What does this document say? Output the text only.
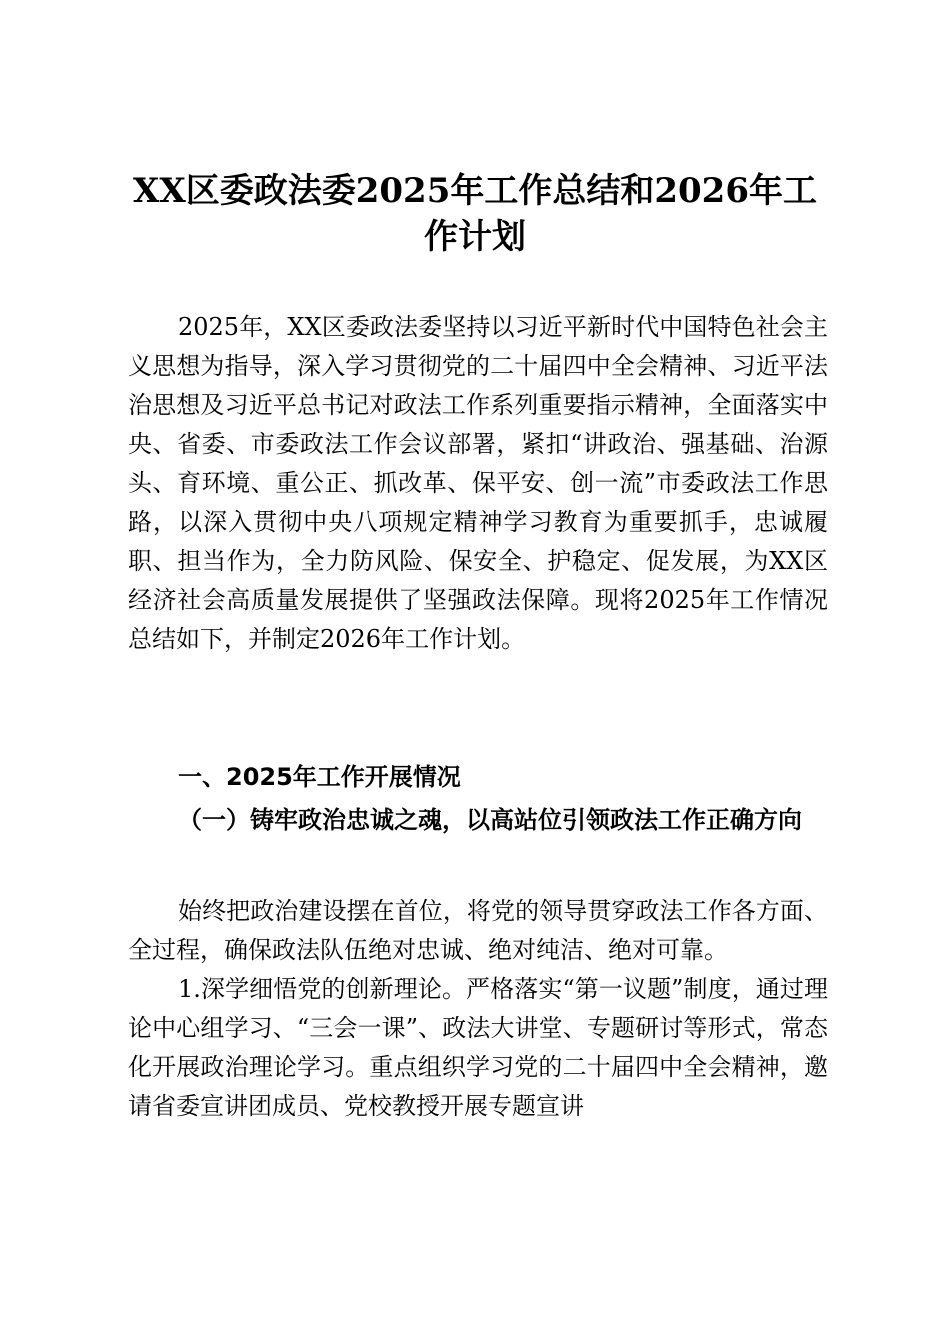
XX区委政法委2025年工作总结和2026年工作计划

2025年，XX区委政法委坚持以习近平新时代中国特色社会主义思想为指导，深入学习贯彻党的二十届四中全会精神、习近平法治思想及习近平总书记对政法工作系列重要指示精神，全面落实中央、省委、市委政法工作会议部署，紧扣“讲政治、强基础、治源头、育环境、重公正、抓改革、保平安、创一流”市委政法工作思路，以深入贯彻中央八项规定精神学习教育为重要抓手，忠诚履职、担当作为，全力防风险、保安全、护稳定、促发展，为XX区经济社会高质量发展提供了坚强政法保障。现将2025年工作情况总结如下，并制定2026年工作计划。

一、2025年工作开展情况
（一）铸牢政治忠诚之魂，以高站位引领政法工作正确方向

始终把政治建设摆在首位，将党的领导贯穿政法工作各方面、全过程，确保政法队伍绝对忠诚、绝对纯洁、绝对可靠。

1.深学细悟党的创新理论。严格落实“第一议题”制度，通过理论中心组学习、“三会一课”、政法大讲堂、专题研讨等形式，常态化开展政治理论学习。重点组织学习党的二十届四中全会精神，邀请省委宣讲团成员、党校教授开展专题宣讲
